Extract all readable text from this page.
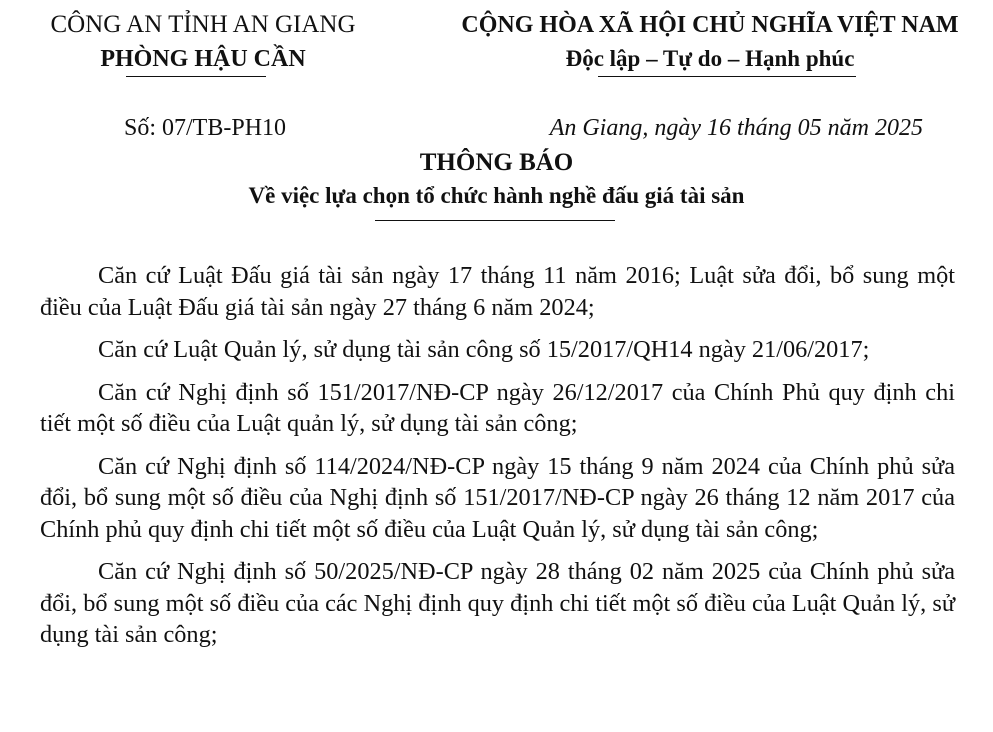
CÔNG AN TỈNH AN GIANG
PHÒNG HẬU CẦN
CỘNG HÒA XÃ HỘI CHỦ NGHĨA VIỆT NAM
Độc lập – Tự do – Hạnh phúc
Số: 07/TB-PH10	An Giang, ngày 16 tháng 05 năm 2025
THÔNG BÁO
Về việc lựa chọn tổ chức hành nghề đấu giá tài sản

Căn cứ Luật Đấu giá tài sản ngày 17 tháng 11 năm 2016; Luật sửa đổi, bổ sung một điều của Luật Đấu giá tài sản ngày 27 tháng 6 năm 2024;

Căn cứ Luật Quản lý, sử dụng tài sản công số 15/2017/QH14 ngày 21/06/2017;

Căn cứ Nghị định số 151/2017/NĐ-CP ngày 26/12/2017 của Chính Phủ quy định chi tiết một số điều của Luật quản lý, sử dụng tài sản công;

Căn cứ Nghị định số 114/2024/NĐ-CP ngày 15 tháng 9 năm 2024 của Chính phủ sửa đổi, bổ sung một số điều của Nghị định số 151/2017/NĐ-CP ngày 26 tháng 12 năm 2017 của Chính phủ quy định chi tiết một số điều của Luật Quản lý, sử dụng tài sản công;

Căn cứ Nghị định số 50/2025/NĐ-CP ngày 28 tháng 02 năm 2025 của Chính phủ sửa đổi, bổ sung một số điều của các Nghị định quy định chi tiết một số điều của Luật Quản lý, sử dụng tài sản công;
